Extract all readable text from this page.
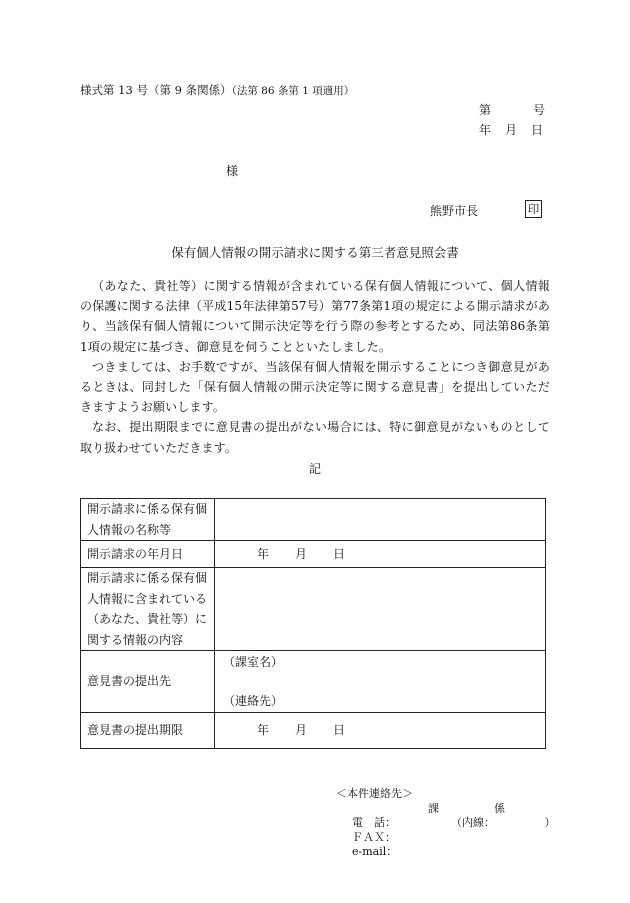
様式第 13 号（第 9 条関係）（法第 86 条第 1 項適用）
第	号
年 月 日
様
熊野市長	印
保有個人情報の開示請求に関する第三者意見照会書

（あなた、貴社等）に関する情報が含まれている保有個人情報について、個人情報の保護に関する法律（平成15年法律第57号）第77条第1項の規定による開示請求があり、当該保有個人情報について開示決定等を行う際の参考とするため、同法第86条第1項の規定に基づき、御意見を伺うことといたしました。

つきましては、お手数ですが、当該保有個人情報を開示することにつき御意見があるときは、同封した「保有個人情報の開示決定等に関する意見書」を提出していただきますようお願いします。

なお、提出期限までに意見書の提出がない場合には、特に御意見がないものとして取り扱わせていただきます。

記
開示請求に係る保有個人情報の名称等	
開示請求の年月日	年 月 日
開示請求に係る保有個人情報に含まれている（あなた、貴社等）に関する情報の内容	
意見書の提出先	（課室名）
（連絡先）

意見書の提出期限	年 月 日
＜本件連絡先＞
課　　　　　係
電　話：　　　　　　（内線：　　　　　）
ＦＡＸ：
e-mail：
